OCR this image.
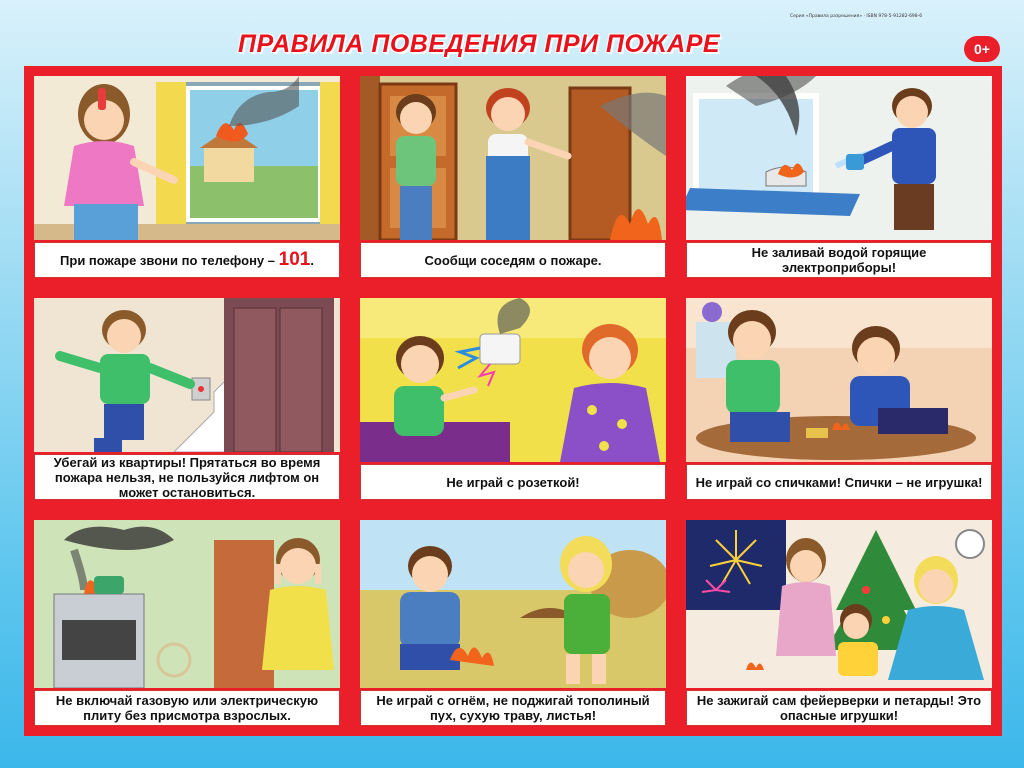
ПРАВИЛА ПОВЕДЕНИЯ ПРИ ПОЖАРЕ
Серия «Правила разрешения» · ISBN 978-5-91282-698-6
0+
При пожаре звони по телефону – 101.	Сообщи соседям о пожаре.	Не заливай водой горящие электроприборы!
Убегай из квартиры! Прятаться во время пожара нельзя, не пользуйся лифтом он может остановиться.
Не играй с розеткой!	Не играй со спичками! Спички – не игрушка!
Не включай газовую или электрическую плиту без присмотра взрослых.
Не играй с огнём, не поджигай тополиный пух, сухую траву, листья!
Не зажигай сам фейерверки и петарды! Это опасные игрушки!
